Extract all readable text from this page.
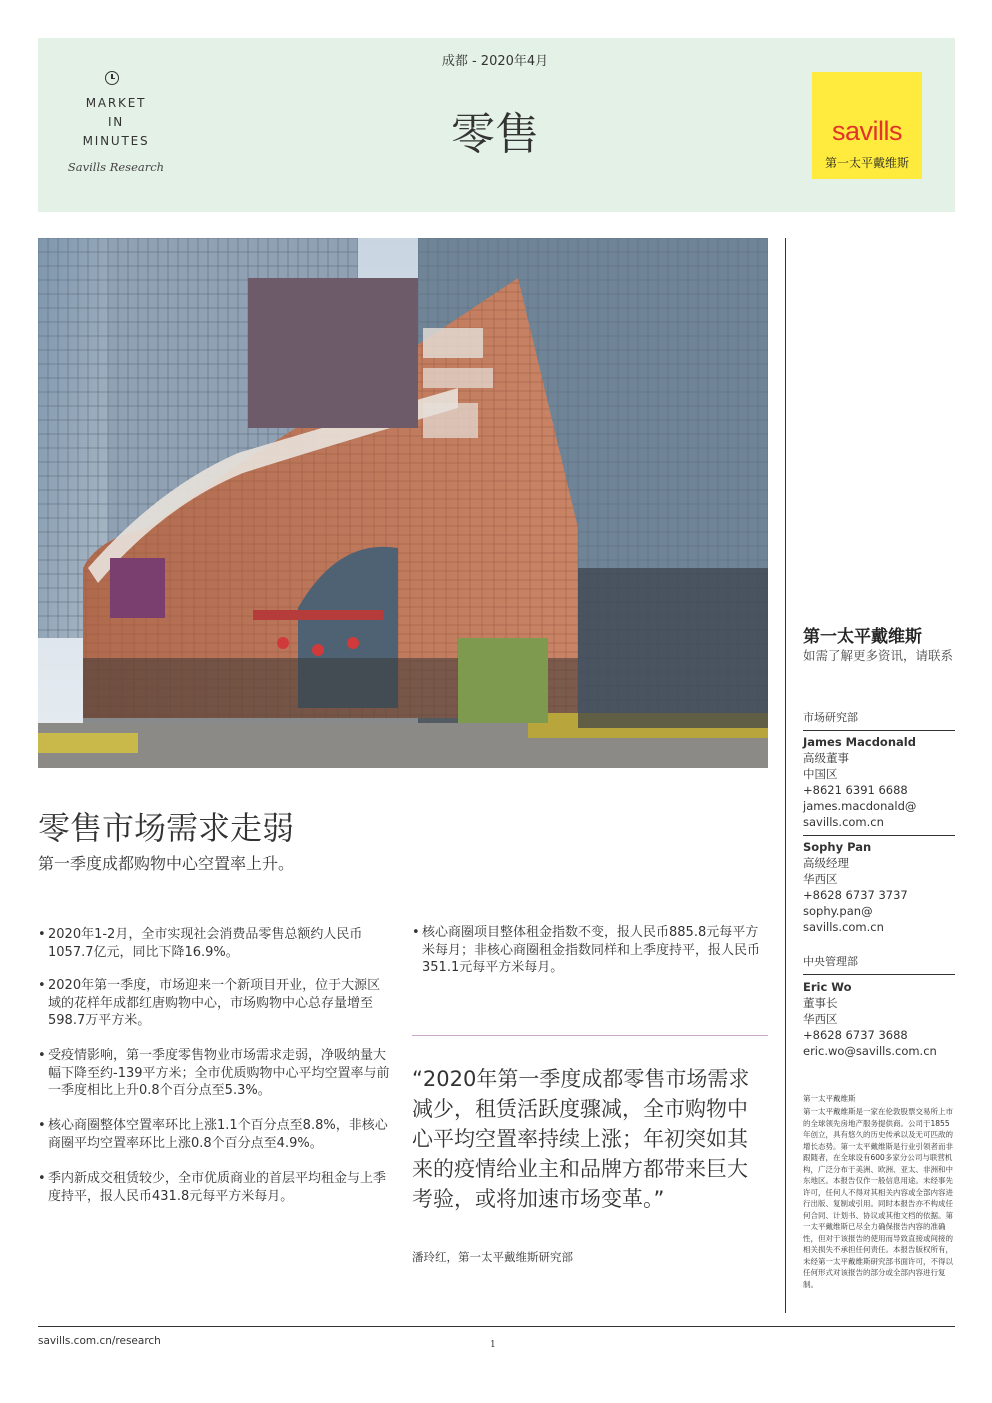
MARKET
IN
MINUTES
Savills Research
成都 - 2020年4月
零售	savills
第一太平戴维斯
零售市场需求走弱
第一季度成都购物中心空置率上升。
• 2020年1-2月，全市实现社会消费品零售总额约人民币1057.7亿元，同比下降16.9%。
• 2020年第一季度，市场迎来一个新项目开业，位于大源区域的花样年成都红唐购物中心，市场购物中心总存量增至598.7万平方米。
• 受疫情影响，第一季度零售物业市场需求走弱，净吸纳量大幅下降至约-139平方米；全市优质购物中心平均空置率与前一季度相比上升0.8个百分点至5.3%。
• 核心商圈整体空置率环比上涨1.1个百分点至8.8%，非核心商圈平均空置率环比上涨0.8个百分点至4.9%。
• 季内新成交租赁较少，全市优质商业的首层平均租金与上季度持平，报人民币431.8元每平方米每月。
• 核心商圈项目整体租金指数不变，报人民币885.8元每平方米每月；非核心商圈租金指数同样和上季度持平，报人民币351.1元每平方米每月。
“2020年第一季度成都零售市场需求减少，租赁活跃度骤减，全市购物中心平均空置率持续上涨；年初突如其来的疫情给业主和品牌方都带来巨大考验，或将加速市场变革。”
潘玲红，第一太平戴维斯研究部
第一太平戴维斯
如需了解更多资讯，请联系
市场研究部
James Macdonald
高级董事
中国区
+8621 6391 6688
james.macdonald@
savills.com.cn
Sophy Pan
高级经理
华西区
+8628 6737 3737
sophy.pan@
savills.com.cn
中央管理部
Eric Wo
董事长
华西区
+8628 6737 3688
eric.wo@savills.com.cn
第一太平戴维斯
第一太平戴维斯是一家在伦敦股票交易所上市的全球领先房地产服务提供商。公司于1855年创立，具有悠久的历史传承以及无可匹敌的增长态势。第一太平戴维斯是行业引领者而非跟随者，在全球设有600多家分公司与联营机构，广泛分布于美洲、欧洲、亚太、非洲和中东地区。本报告仅作一般信息用途。未经事先许可，任何人不得对其相关内容或全部内容进行出版、复制或引用。同时本报告亦不构成任何合同、计划书、协议或其他文档的依据。第一太平戴维斯已尽全力确保报告内容的准确性，但对于该报告的使用而导致直接或间接的相关损失不承担任何责任。本报告版权所有，未经第一太平戴维斯研究部书面许可，不得以任何形式对该报告的部分或全部内容进行复制。
savills.com.cn/research	1
